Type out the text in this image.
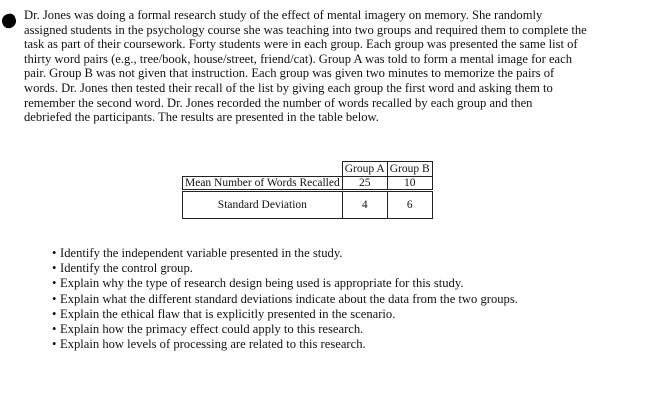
Dr. Jones was doing a formal research study of the effect of mental imagery on memory. She randomly
assigned students in the psychology course she was teaching into two groups and required them to complete the
task as part of their coursework. Forty students were in each group. Each group was presented the same list of
thirty word pairs (e.g., tree/book, house/street, friend/cat). Group A was told to form a mental image for each
pair. Group B was not given that instruction. Each group was given two minutes to memorize the pairs of
words. Dr. Jones then tested their recall of the list by giving each group the first word and asking them to
remember the second word. Dr. Jones recorded the number of words recalled by each group and then
debriefed the participants. The results are presented in the table below.
	Group A	Group B
Mean Number of Words Recalled	25	10
Standard Deviation	4	6
• Identify the independent variable presented in the study.
• Identify the control group.
• Explain why the type of research design being used is appropriate for this study.
• Explain what the different standard deviations indicate about the data from the two groups.
• Explain the ethical flaw that is explicitly presented in the scenario.
• Explain how the primacy effect could apply to this research.
• Explain how levels of processing are related to this research.
